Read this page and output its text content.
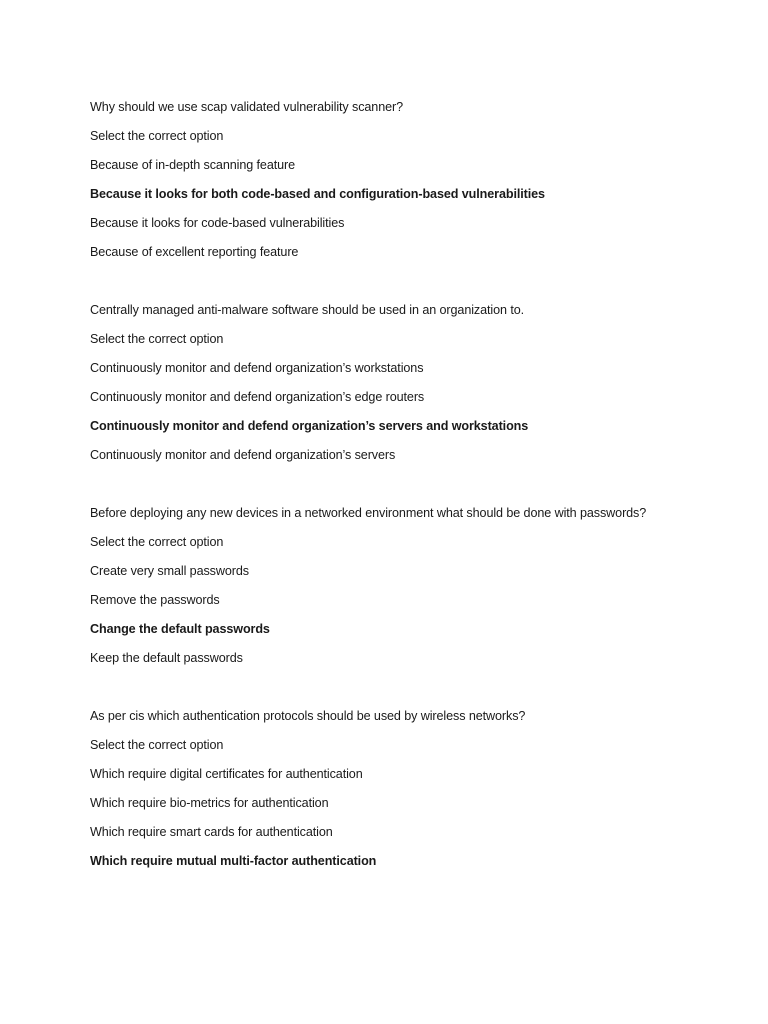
Why should we use scap validated vulnerability scanner?
Select the correct option
Because of in-depth scanning feature
Because it looks for both code-based and configuration-based vulnerabilities
Because it looks for code-based vulnerabilities
Because of excellent reporting feature
Centrally managed anti-malware software should be used in an organization to.
Select the correct option
Continuously monitor and defend organization’s workstations
Continuously monitor and defend organization’s edge routers
Continuously monitor and defend organization’s servers and workstations
Continuously monitor and defend organization’s servers
Before deploying any new devices in a networked environment what should be done with passwords?
Select the correct option
Create very small passwords
Remove the passwords
Change the default passwords
Keep the default passwords
As per cis which authentication protocols should be used by wireless networks?
Select the correct option
Which require digital certificates for authentication
Which require bio-metrics for authentication
Which require smart cards for authentication
Which require mutual multi-factor authentication
